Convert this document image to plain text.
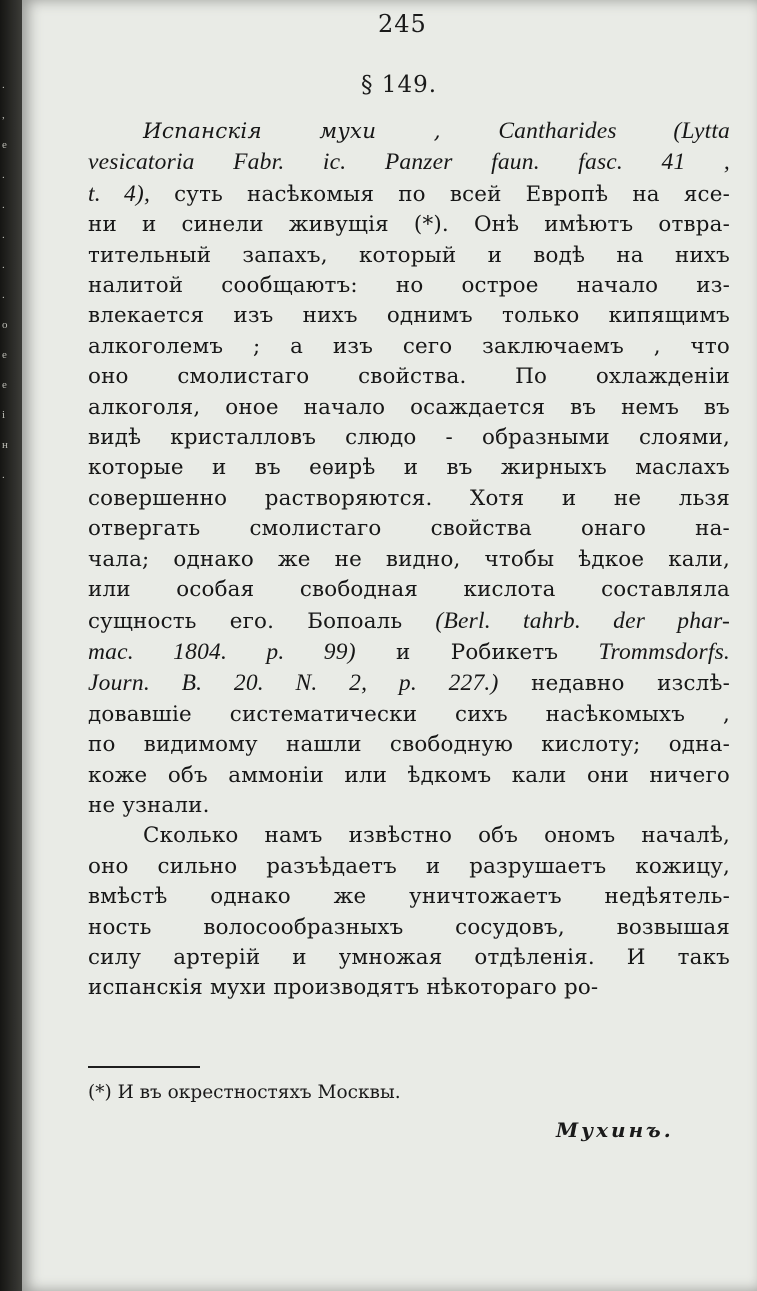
.
,
е
.
.
.
.
.
о
е
е
і
н
.
245
§ 149.

Испанскія мухи , Cantharides (Lytta
vesicatoria Fabr. ic. Panzer faun. fasc. 41 ,
t. 4), суть насѣкомыя по всей Европѣ на ясе-
ни и синели живущія (*). Онѣ имѣютъ отвра-
тительный запахъ, который и водѣ на нихъ
налитой сообщаютъ: но острое начало из-
влекается изъ нихъ однимъ только кипящимъ
алкоголемъ ; а изъ сего заключаемъ , что
оно смолистаго свойства. По охлажденіи
алкоголя, оное начало осаждается въ немъ въ
видѣ кристалловъ слюдо - образными слоями,
которые и въ еѳирѣ и въ жирныхъ маслахъ
совершенно растворяются. Хотя и не льзя
отвергать смолистаго свойства онаго на-
чала; однако же не видно, чтобы ѣдкое кали,
или особая свободная кислота составляла
сущность его. Бопоаль (Berl. tahrb. der phar-
mac. 1804. p. 99) и Робикетъ Trommsdorfs.
Journ. B. 20. N. 2, p. 227.) недавно изслѣ-
довавшіе систематически сихъ насѣкомыхъ ,
по видимому нашли свободную кислоту; одна-
коже объ аммоніи или ѣдкомъ кали они ничего
не узнали.

Сколько намъ извѣстно объ ономъ началѣ,
оно сильно разъѣдаетъ и разрушаетъ кожицу,
вмѣстѣ однако же уничтожаетъ недѣятель-
ность волосообразныхъ сосудовъ, возвышая
силу артерій и умножая отдѣленія. И такъ
испанскія мухи производятъ нѣкотораго ро-

(*) И въ окрестностяхъ Москвы.
Мухинъ.
